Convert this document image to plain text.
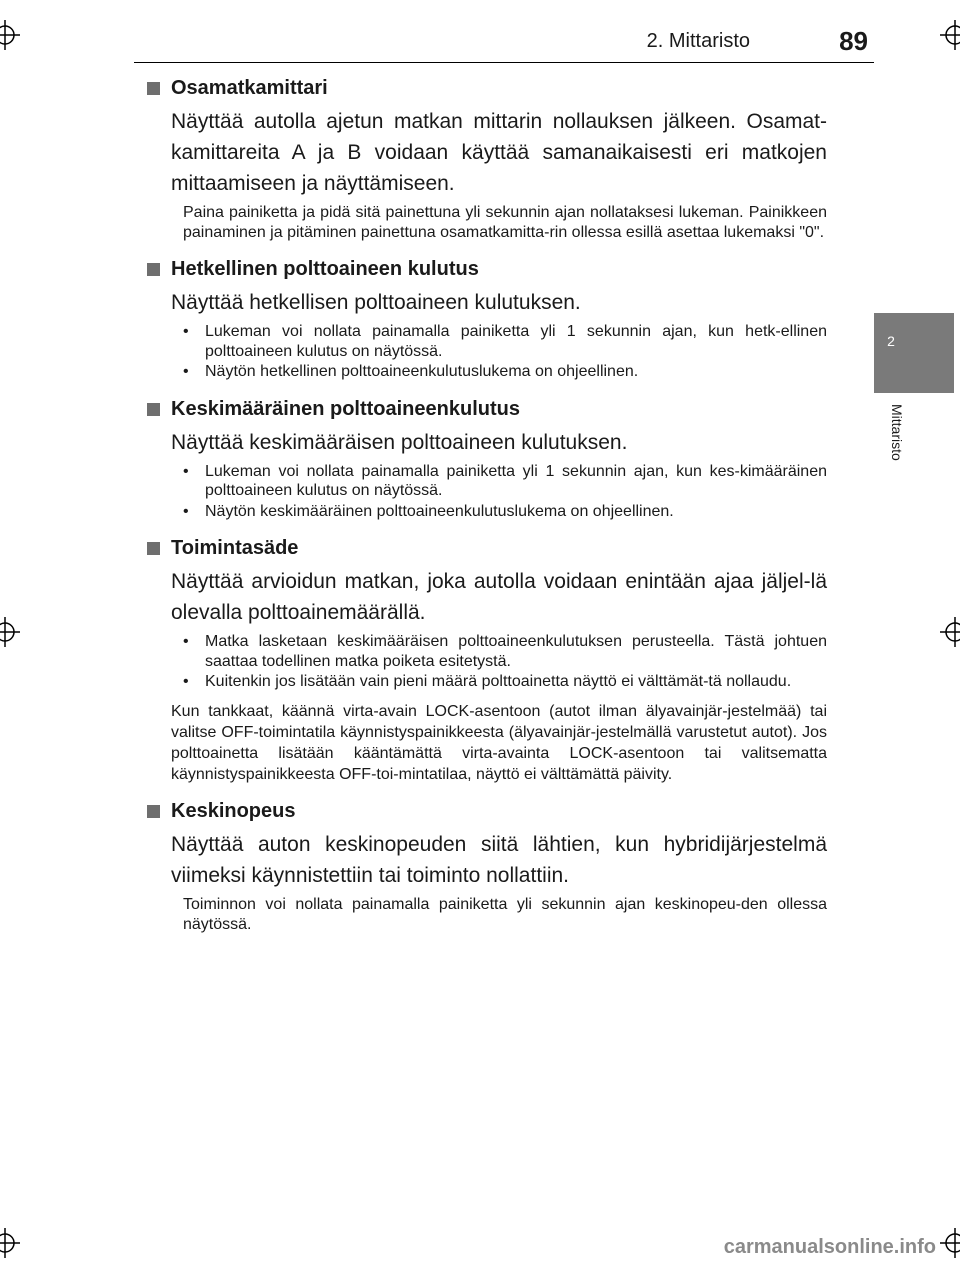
2. Mittaristo	89
2
Mittaristo
Osamatkamittari

Näyttää autolla ajetun matkan mittarin nollauksen jälkeen. Osamat-kamittareita A ja B voidaan käyttää samanaikaisesti eri matkojen mittaamiseen ja näyttämiseen.

Paina painiketta ja pidä sitä painettuna yli sekunnin ajan nollataksesi lukeman. Painikkeen painaminen ja pitäminen painettuna osamatkamitta-rin ollessa esillä asettaa lukemaksi "0".

Hetkellinen polttoaineen kulutus

Näyttää hetkellisen polttoaineen kulutuksen.

• Lukeman voi nollata painamalla painiketta yli 1 sekunnin ajan, kun hetk-ellinen polttoaineen kulutus on näytössä.
• Näytön hetkellinen polttoaineenkulutuslukema on ohjeellinen.
Keskimääräinen polttoaineenkulutus

Näyttää keskimääräisen polttoaineen kulutuksen.

• Lukeman voi nollata painamalla painiketta yli 1 sekunnin ajan, kun kes-kimääräinen polttoaineen kulutus on näytössä.
• Näytön keskimääräinen polttoaineenkulutuslukema on ohjeellinen.
Toimintasäde

Näyttää arvioidun matkan, joka autolla voidaan enintään ajaa jäljel-lä olevalla polttoainemäärällä.

• Matka lasketaan keskimääräisen polttoaineenkulutuksen perusteella. Tästä johtuen saattaa todellinen matka poiketa esitetystä.
• Kuitenkin jos lisätään vain pieni määrä polttoainetta näyttö ei välttämät-tä nollaudu.

Kun tankkaat, käännä virta-avain LOCK-asentoon (autot ilman älyavainjär-jestelmää) tai valitse OFF-toimintatila käynnistyspainikkeesta (älyavainjär-jestelmällä varustetut autot). Jos polttoainetta lisätään kääntämättä virta-avainta LOCK-asentoon tai valitsematta käynnistyspainikkeesta OFF-toi-mintatilaa, näyttö ei välttämättä päivity.

Keskinopeus

Näyttää auton keskinopeuden siitä lähtien, kun hybridijärjestelmä viimeksi käynnistettiin tai toiminto nollattiin.

Toiminnon voi nollata painamalla painiketta yli sekunnin ajan keskinopeu-den ollessa näytössä.

carmanualsonline.info
